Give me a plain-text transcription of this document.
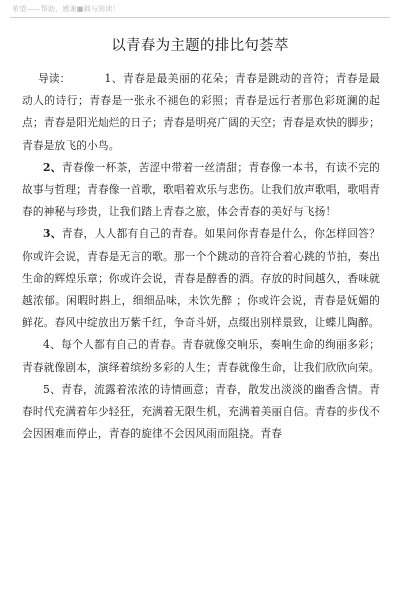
希望——帮助，感谢■载与阅读！
以青春为主题的排比句荟萃

导读：	1、青春是最美丽的花朵；青春是跳动的音符；青春是最动人的诗行；青春是一张永不褪色的彩照；青春是远行者那色彩斑澜的起点；青春是阳光灿烂的日子；青春是明亮广阔的天空；青春是欢快的脚步；青春是放飞的小鸟。

2、青春像一杯茶，苦涩中带着一丝清甜；青春像一本书，有读不完的故事与哲理；青春像一首歌，歌唱着欢乐与悲伤。让我们放声歌唱，歌唱青春的神秘与珍贵，让我们踏上青春之旅，体会青春的美好与飞扬！

3、青春，人人都有自己的青春。如果问你青春是什么，你怎样回答？你或许会说，青春是无言的歌。那一个个跳动的音符合着心跳的节拍，奏出生命的辉煌乐章；你或许会说，青春是醇香的酒。存放的时间越久，香味就越浓郁。闲暇时斟上，细细品味，未饮先醉 ；你或许会说，青春是妩媚的鲜花。春风中绽放出万紫千红，争奇斗妍，点缀出别样景致，让蝶儿陶醉。

4、每个人都有自己的青春。青春就像交响乐，奏响生命的绚丽多彩；青春就像剧本，演绎着缤纷多彩的人生；青春就像生命，让我们欣欣向荣。

5、青春，流露着浓浓的诗情画意；青春，散发出淡淡的幽香含情。青春时代充满着年少轻狂，充满着无限生机，充满着美丽自信。青春的步伐不会因困难而停止，青春的旋律不会因风雨而阻挠。青春
